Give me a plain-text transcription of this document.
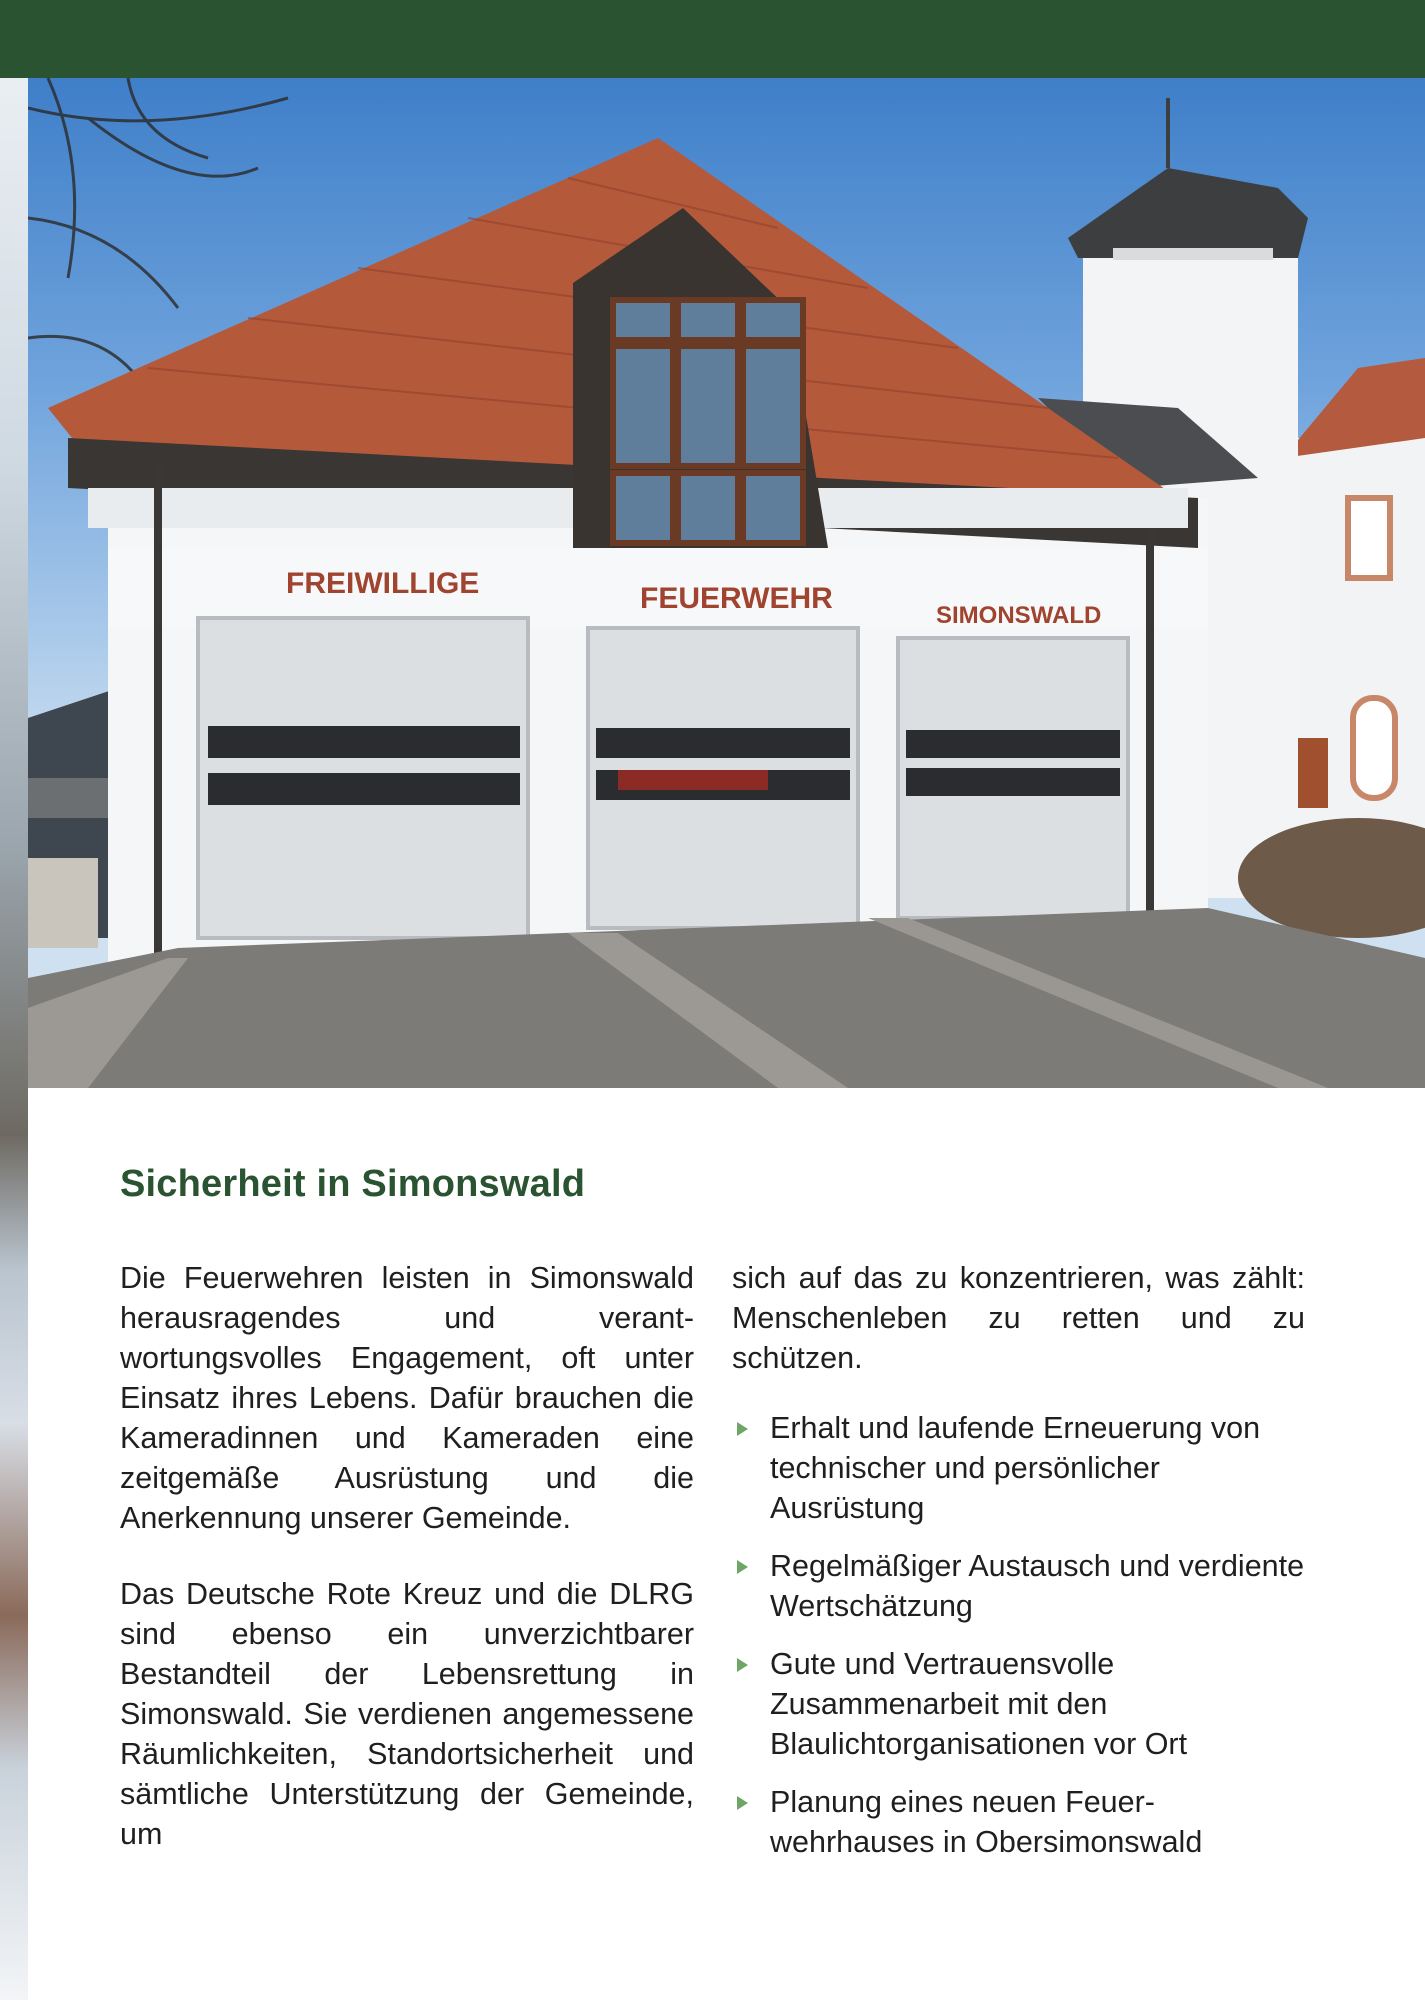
FREIWILLIGE	FEUERWEHR
SIMONSWALD
Sicherheit in Simonswald

Die Feuerwehren leisten in Simonswald herausragendes und verantwortungsvolles Engagement, oft unter Einsatz ihres Lebens. Dafür brauchen die Kameradinnen und Kameraden eine zeitgemäße Ausrüstung und die Anerkennung unserer Gemeinde.

Das Deutsche Rote Kreuz und die DLRG sind ebenso ein unverzichtbarer Bestandteil der Lebensrettung in Simonswald. Sie verdienen angemessene Räumlichkeiten, Standortsicherheit und sämtliche Unterstützung der Gemeinde, um

sich auf das zu konzentrieren, was zählt: Menschenleben zu retten und zu schützen.

Erhalt und laufende Erneuerung von technischer und persönlicher Ausrüstung
Regelmäßiger Austausch und verdiente Wertschätzung
Gute und Vertrauensvolle Zusammenarbeit mit den Blaulichtorganisationen vor Ort
Planung eines neuen Feuerwehrhauses in Obersimonswald
